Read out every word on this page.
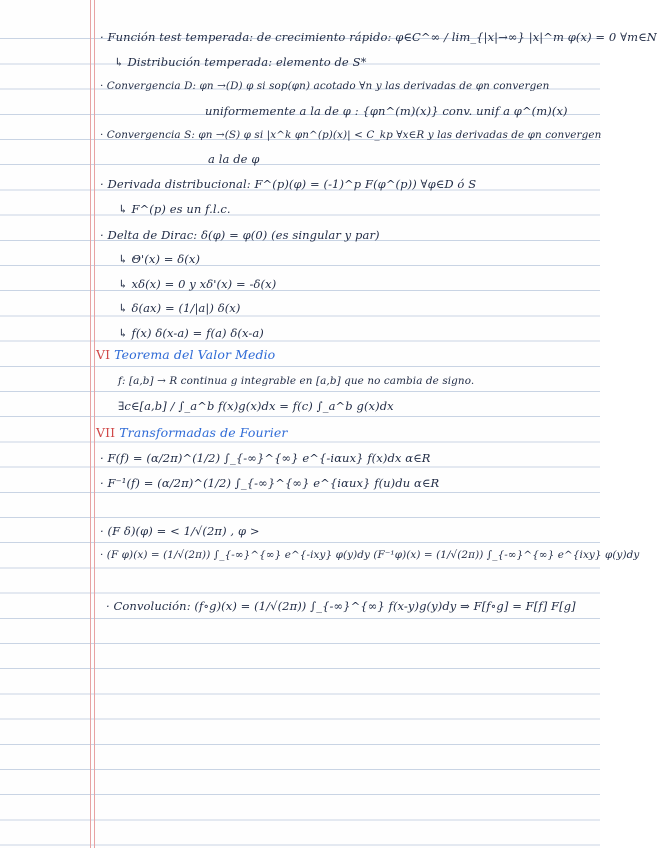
· Función test temperada: de crecimiento rápido: φ∈C^∞ / lim_{|x|→∞} |x|^m φ(x) = 0 ∀m∈N
↳ Distribución temperada: elemento de S*
· Convergencia D: φn →(D) φ si sop(φn) acotado ∀n y las derivadas de φn convergen
uniformemente a la de φ : {φn^(m)(x)} conv. unif a φ^(m)(x)
· Convergencia S: φn →(S) φ si |x^k φn^(p)(x)| < C_kp ∀x∈R y las derivadas de φn convergen
a la de φ
· Derivada distribucional: F^(p)(φ) = (-1)^p F(φ^(p)) ∀φ∈D ó S
↳ F^(p) es un f.l.c.
· Delta de Dirac: δ(φ) = φ(0) (es singular y par)
↳ Θ'(x) = δ(x)
↳ xδ(x) = 0 y xδ'(x) = -δ(x)
↳ δ(ax) = (1/|a|) δ(x)
↳ f(x) δ(x-a) = f(a) δ(x-a)
VI Teorema del Valor Medio
f: [a,b] → R continua g integrable en [a,b] que no cambia de signo.
∃c∈[a,b] / ∫_a^b f(x)g(x)dx = f(c) ∫_a^b g(x)dx
VII Transformadas de Fourier
· F(f) = (α/2π)^(1/2) ∫_{-∞}^{∞} e^{-iαux} f(x)dx α∈R
· F⁻¹(f) = (α/2π)^(1/2) ∫_{-∞}^{∞} e^{iαux} f(u)du α∈R
· (F δ)(φ) = < 1/√(2π) , φ >
· (F φ)(x) = (1/√(2π)) ∫_{-∞}^{∞} e^{-ixy} φ(y)dy (F⁻¹φ)(x) = (1/√(2π)) ∫_{-∞}^{∞} e^{ixy} φ(y)dy
· Convolución: (f∘g)(x) = (1/√(2π)) ∫_{-∞}^{∞} f(x-y)g(y)dy ⇒ F[f∘g] = F[f] F[g]
